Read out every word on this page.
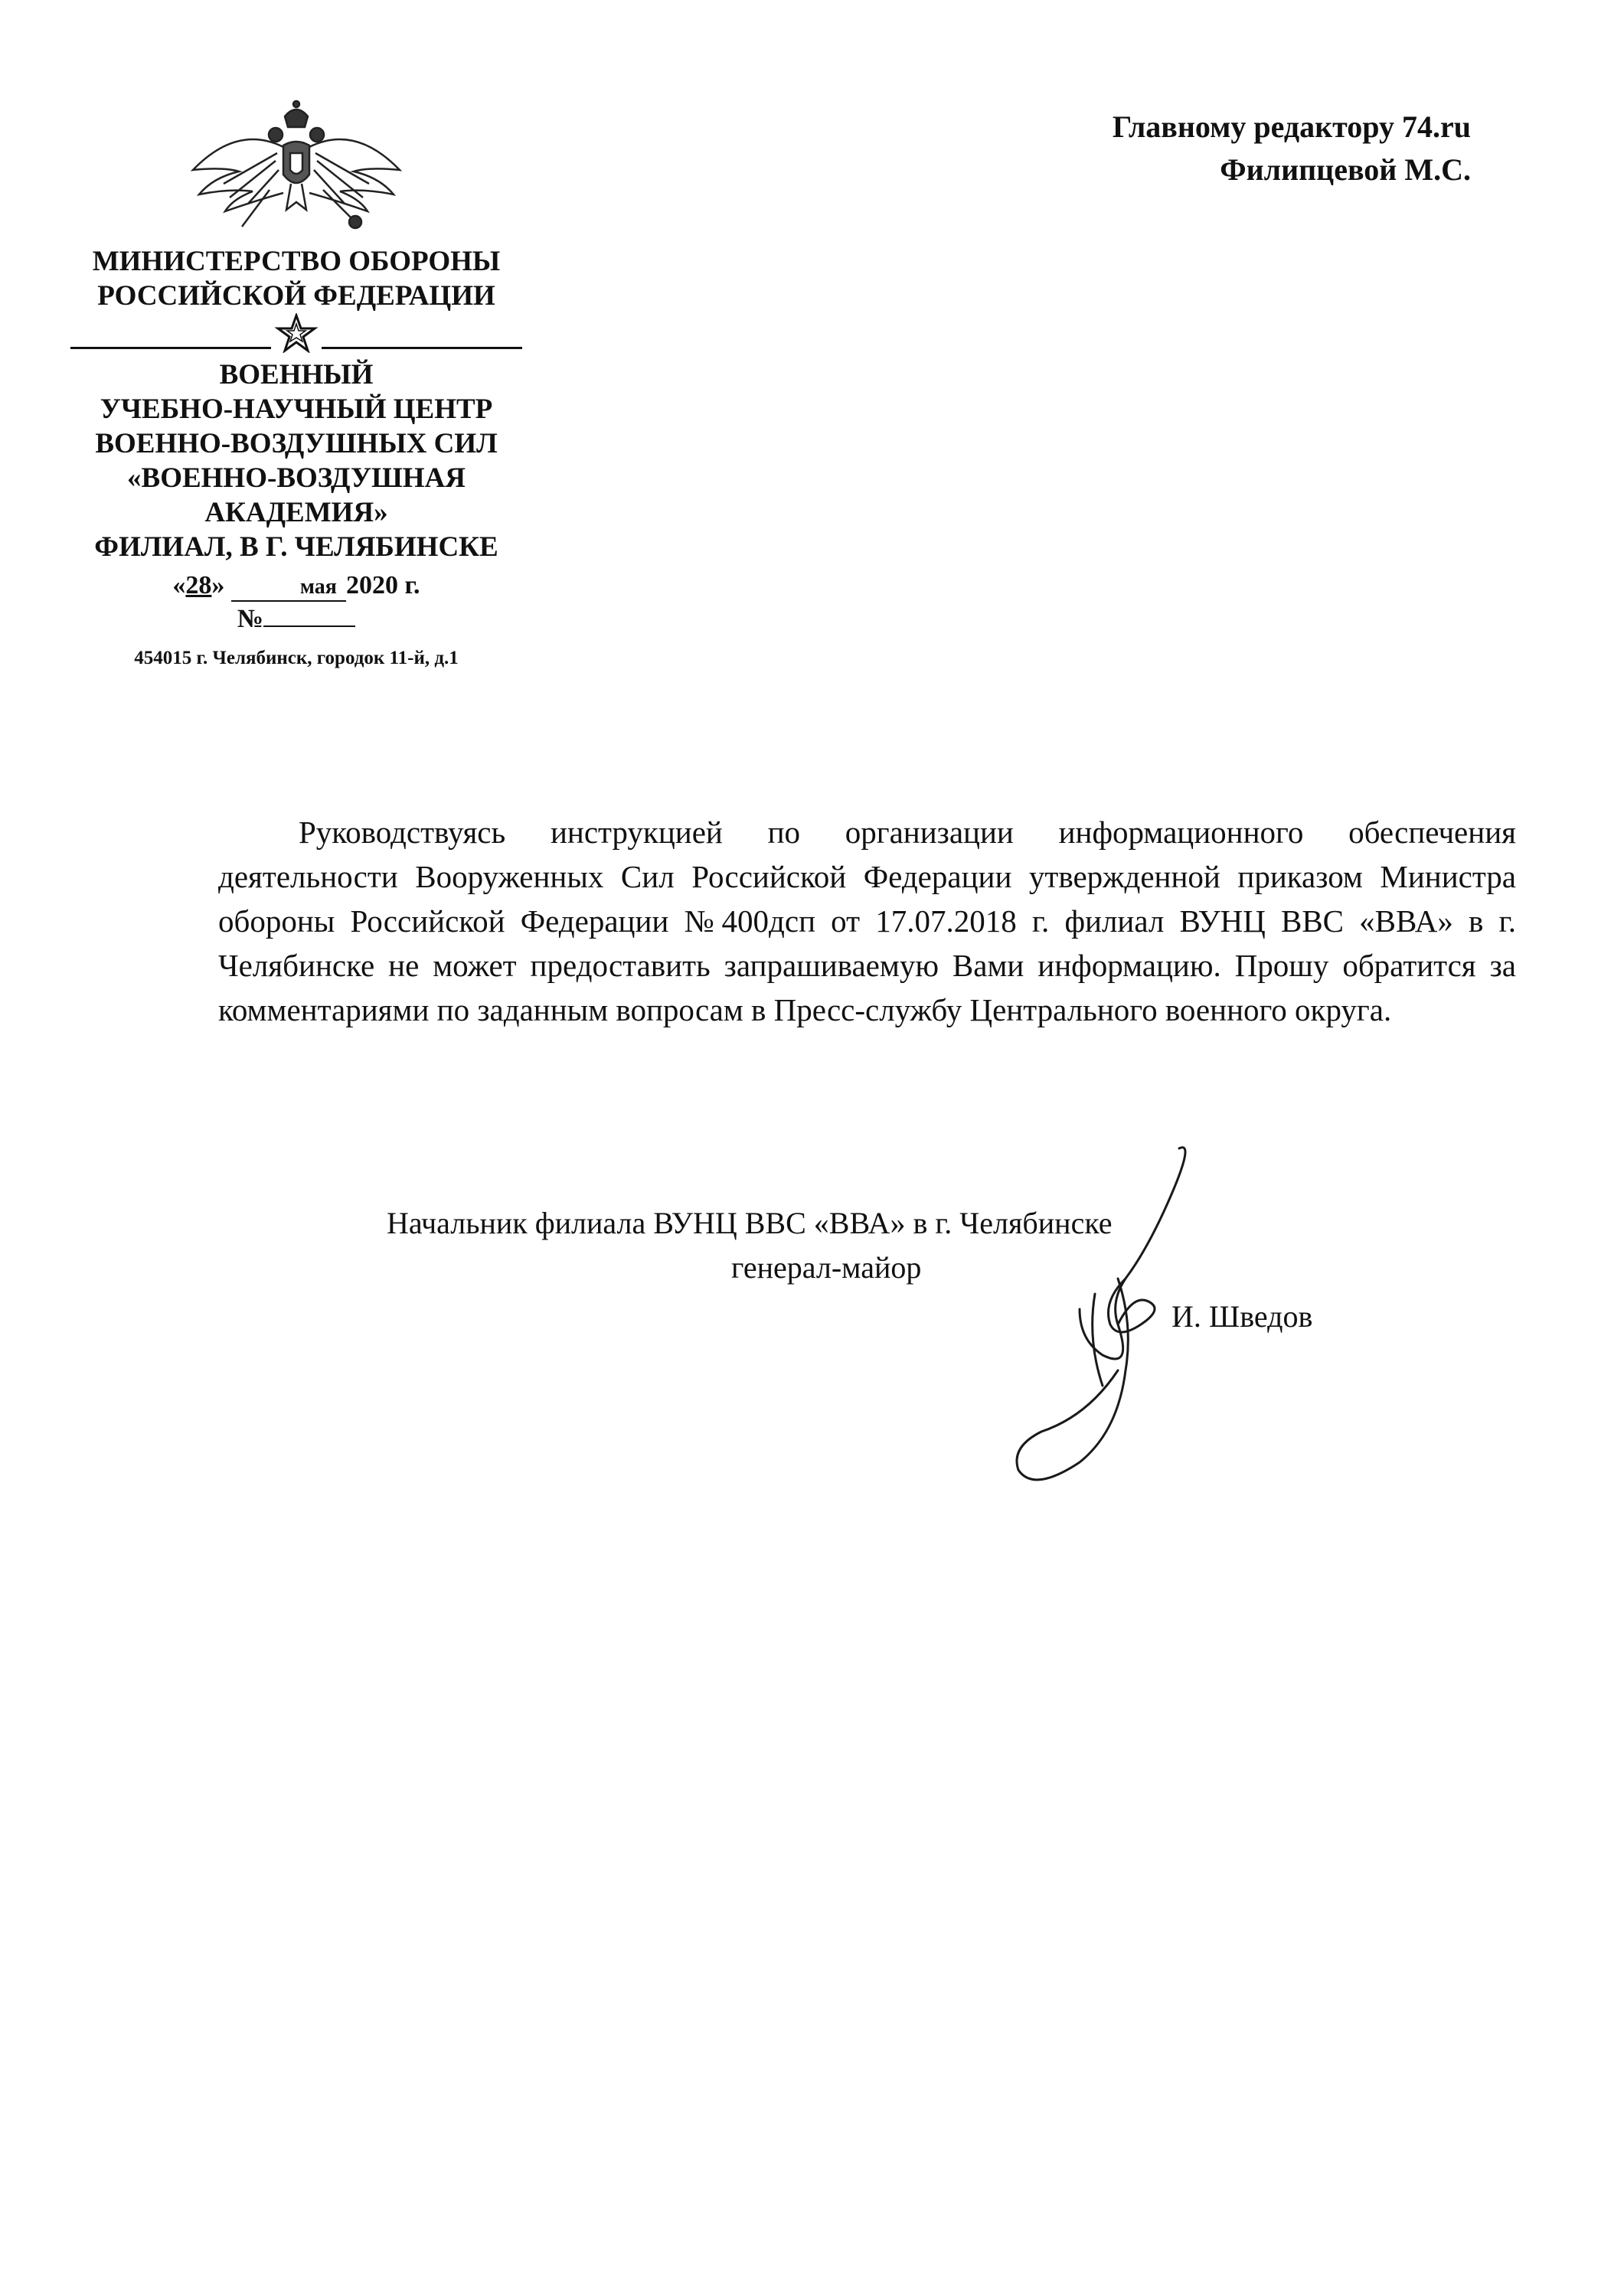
МИНИСТЕРСТВО ОБОРОНЫ
РОССИЙСКОЙ ФЕДЕРАЦИИ
ВОЕННЫЙ
УЧЕБНО-НАУЧНЫЙ ЦЕНТР
ВОЕННО-ВОЗДУШНЫХ СИЛ
«ВОЕННО-ВОЗДУШНАЯ
АКАДЕМИЯ»
ФИЛИАЛ, В Г. ЧЕЛЯБИНСКЕ
«28»	мая 2020 г.
№
454015 г. Челябинск, городок 11-й, д.1
Главному редактору 74.ru
Филипцевой М.С.

Руководствуясь инструкцией по организации информационного обеспечения деятельности Вооруженных Сил Российской Федерации утвержденной приказом Министра обороны Российской Федерации №400дсп от 17.07.2018 г. филиал ВУНЦ ВВС «ВВА» в г. Челябинске не может предоставить запрашиваемую Вами информацию. Прошу обратится за комментариями по заданным вопросам в Пресс-службу Центрального военного округа.

Начальник филиала ВУНЦ ВВС «ВВА» в г. Челябинске
генерал-майор
И. Шведов
